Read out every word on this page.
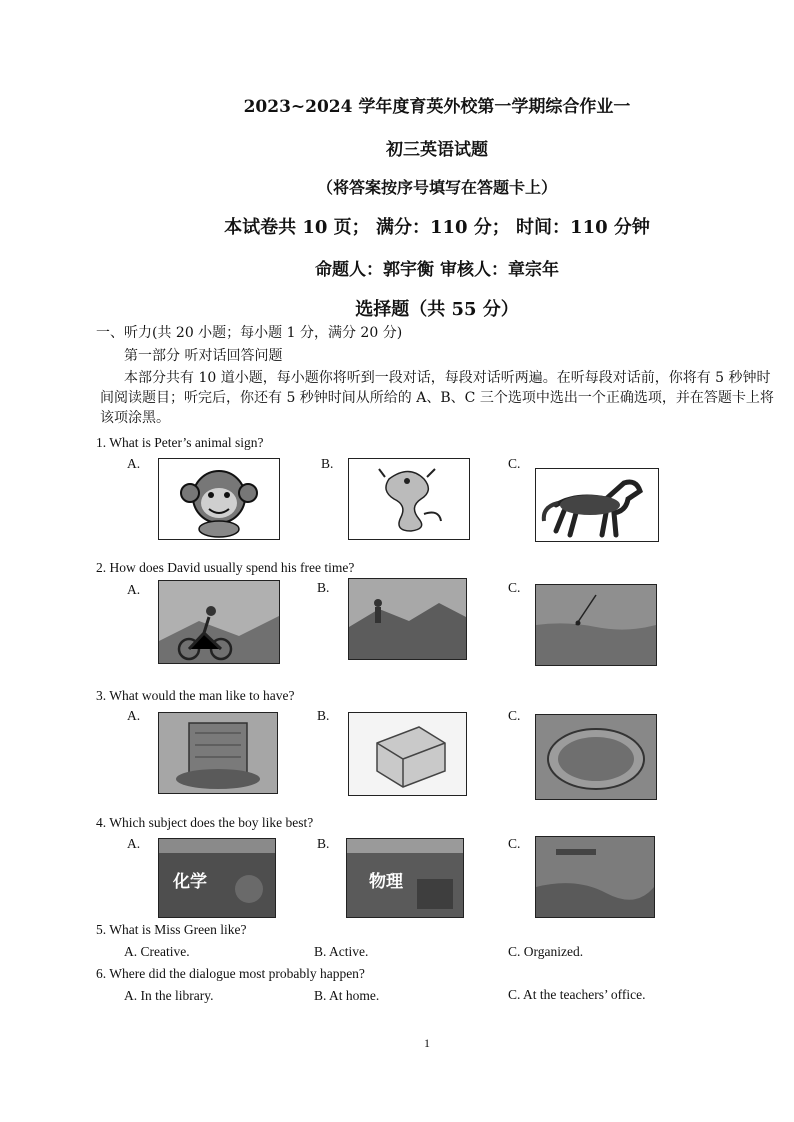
2023~2024 学年度育英外校第一学期综合作业一
初三英语试题
（将答案按序号填写在答题卡上）
本试卷共 10 页； 满分：110 分； 时间：110 分钟
命题人：郭宇衡 审核人：章宗年
选择题（共 55 分）
一、听力(共 20 小题；每小题 1 分，满分 20 分)
第一部分 听对话回答问题
本部分共有 10 道小题，每小题你将听到一段对话，每段对话听两遍。在听每段对话前，你将有 5 秒钟时间阅读题目；听完后，你还有 5 秒钟时间从所给的 A、B、C 三个选项中选出一个正确选项，并在答题卡上将该项涂黑。
1. What is Peter’s animal sign?
A.	B.	C.
2. How does David usually spend his free time?
A.	B.	C.
3. What would the man like to have?
A.	B.	C.
4. Which subject does the boy like best?
A.	B.	C.
化学	物理
5. What is Miss Green like?
A. Creative.	B. Active.	C. Organized.
6. Where did the dialogue most probably happen?
A. In the library.	B. At home.	C. At the teachers’ office.
1
